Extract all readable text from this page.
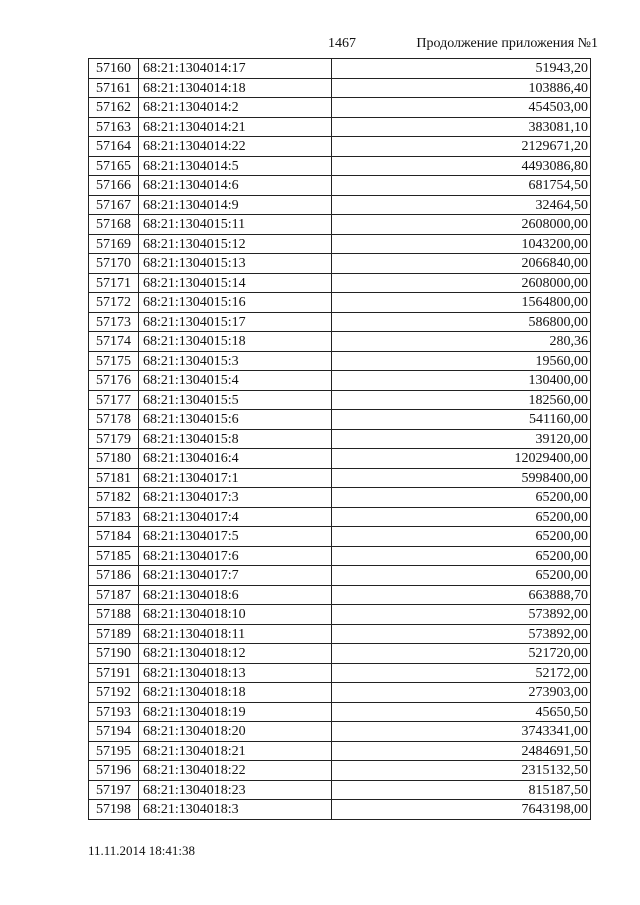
1467	Продолжение приложения №1
57160 68:21:1304014:17	51943,20
57161 68:21:1304014:18	103886,40
57162 68:21:1304014:2	454503,00
57163 68:21:1304014:21	383081,10
57164 68:21:1304014:22	2129671,20
57165 68:21:1304014:5	4493086,80
57166 68:21:1304014:6	681754,50
57167 68:21:1304014:9	32464,50
57168 68:21:1304015:11	2608000,00
57169 68:21:1304015:12	1043200,00
57170 68:21:1304015:13	2066840,00
57171 68:21:1304015:14	2608000,00
57172 68:21:1304015:16	1564800,00
57173 68:21:1304015:17	586800,00
57174 68:21:1304015:18	280,36
57175 68:21:1304015:3	19560,00
57176 68:21:1304015:4	130400,00
57177 68:21:1304015:5	182560,00
57178 68:21:1304015:6	541160,00
57179 68:21:1304015:8	39120,00
57180 68:21:1304016:4	12029400,00
57181 68:21:1304017:1	5998400,00
57182 68:21:1304017:3	65200,00
57183 68:21:1304017:4	65200,00
57184 68:21:1304017:5	65200,00
57185 68:21:1304017:6	65200,00
57186 68:21:1304017:7	65200,00
57187 68:21:1304018:6	663888,70
57188 68:21:1304018:10	573892,00
57189 68:21:1304018:11	573892,00
57190 68:21:1304018:12	521720,00
57191 68:21:1304018:13	52172,00
57192 68:21:1304018:18	273903,00
57193 68:21:1304018:19	45650,50
57194 68:21:1304018:20	3743341,00
57195 68:21:1304018:21	2484691,50
57196 68:21:1304018:22	2315132,50
57197 68:21:1304018:23	815187,50
57198 68:21:1304018:3	7643198,00
11.11.2014 18:41:38
